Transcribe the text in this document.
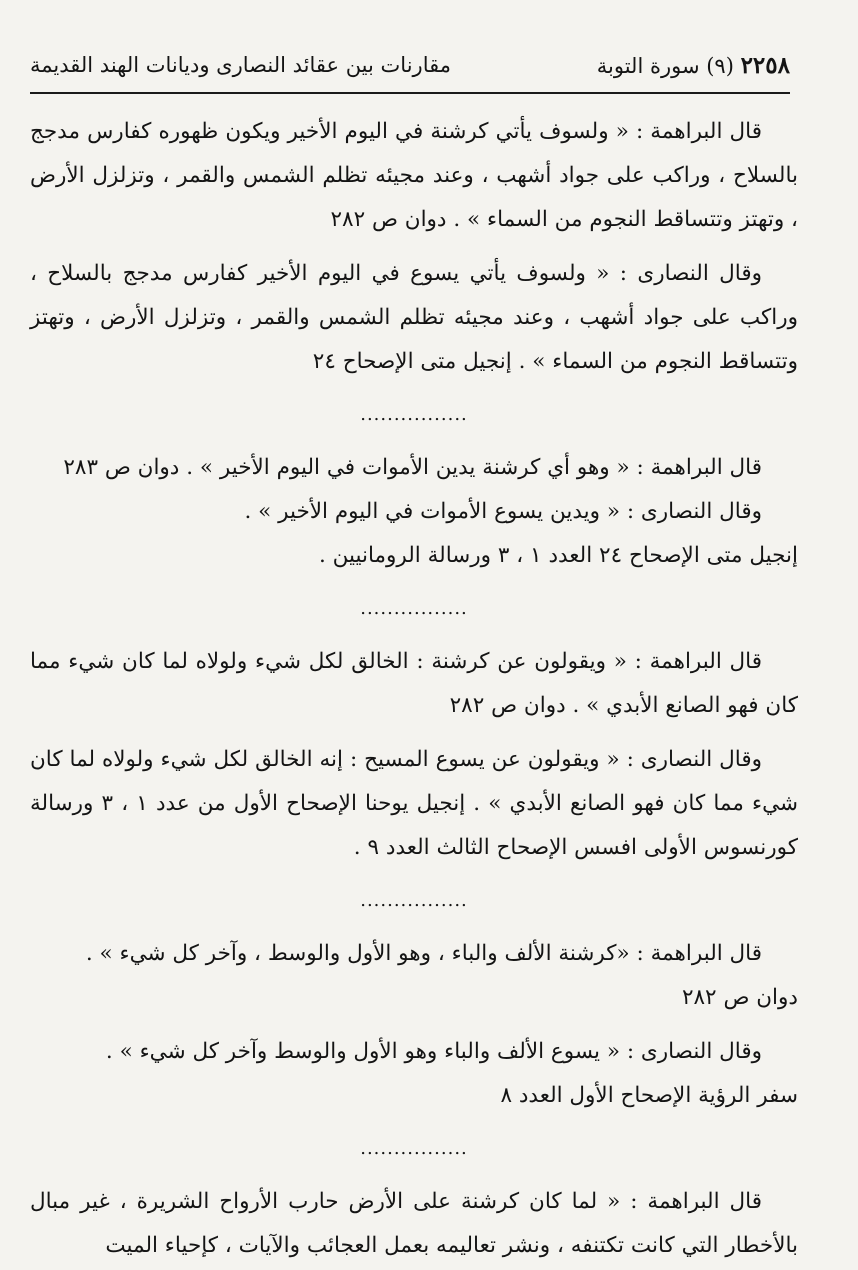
٢٢٥٨ (٩) سورة التوبة
مقارنات بين عقائد النصارى وديانات الهند القديمة

قال البراهمة : « ولسوف يأتي كرشنة في اليوم الأخير ويكون ظهوره كفارس مدجج بالسلاح ، وراكب على جواد أشهب ، وعند مجيئه تظلم الشمس والقمر ، وتزلزل الأرض ، وتهتز وتتساقط النجوم من السماء » . دوان ص ٢٨٢

وقال النصارى : « ولسوف يأتي يسوع في اليوم الأخير كفارس مدجج بالسلاح ، وراكب على جواد أشهب ، وعند مجيئه تظلم الشمس والقمر ، وتزلزل الأرض ، وتهتز وتتساقط النجوم من السماء » . إنجيل متى الإصحاح ٢٤

................

قال البراهمة : « وهو أي كرشنة يدين الأموات في اليوم الأخير » . دوان ص ٢٨٣

وقال النصارى : « ويدين يسوع الأموات في اليوم الأخير » .

إنجيل متى الإصحاح ٢٤ العدد ١ ، ٣ ورسالة الرومانيين .

................

قال البراهمة : « ويقولون عن كرشنة : الخالق لكل شيء ولولاه لما كان شيء مما كان فهو الصانع الأبدي » . دوان ص ٢٨٢

وقال النصارى : « ويقولون عن يسوع المسيح : إنه الخالق لكل شيء ولولاه لما كان شيء مما كان فهو الصانع الأبدي » . إنجيل يوحنا الإصحاح الأول من عدد ١ ، ٣ ورسالة كورنسوس الأولى افسس الإصحاح الثالث العدد ٩ .

................

قال البراهمة : «كرشنة الألف والباء ، وهو الأول والوسط ، وآخر كل شيء » .

دوان ص ٢٨٢

وقال النصارى : « يسوع الألف والباء وهو الأول والوسط وآخر كل شيء » .

سفر الرؤية الإصحاح الأول العدد ٨

................

قال البراهمة : « لما كان كرشنة على الأرض حارب الأرواح الشريرة ، غير مبال بالأخطار التي كانت تكتنفه ، ونشر تعاليمه بعمل العجائب والآيات ، كإحياء الميت
